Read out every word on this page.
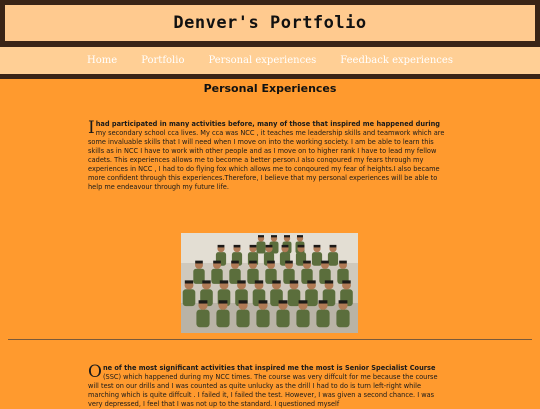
Denver's Portfolio
Home	Portfolio	Personal experiences	Feedback experiences
Personal Experiences
Ihad participated in many activities before, many of those that inspired me happened during my secondary school cca lives. My cca was NCC , it teaches me leadership skills and teamwork which are some invaluable skills that I will need when I move on into the working society. I am be able to learn this skills as in NCC I have to work with other people and as I move on to higher rank I have to lead my fellow cadets. This experiences allows me to become a better person.I also conqoured my fears through my experiences in NCC , I had to do flying fox which allows me to conqoured my fear of heights.I also became more confident through this experiences.Therefore, I believe that my personal experiences will be able to help me endeavour through my future life.
One of the most significant activities that inspired me the most is Senior Specialist Course (SSC) which happened during my NCC times. The course was very diffcult for me because the course will test on our drills and I was counted as quite unlucky as the drill I had to do is turn left-right while marching which is quite diffcult . I failed it, I failed the test. However, I was given a second chance. I was very depressed, I feel that I was not up to the standard. I questioned myself
